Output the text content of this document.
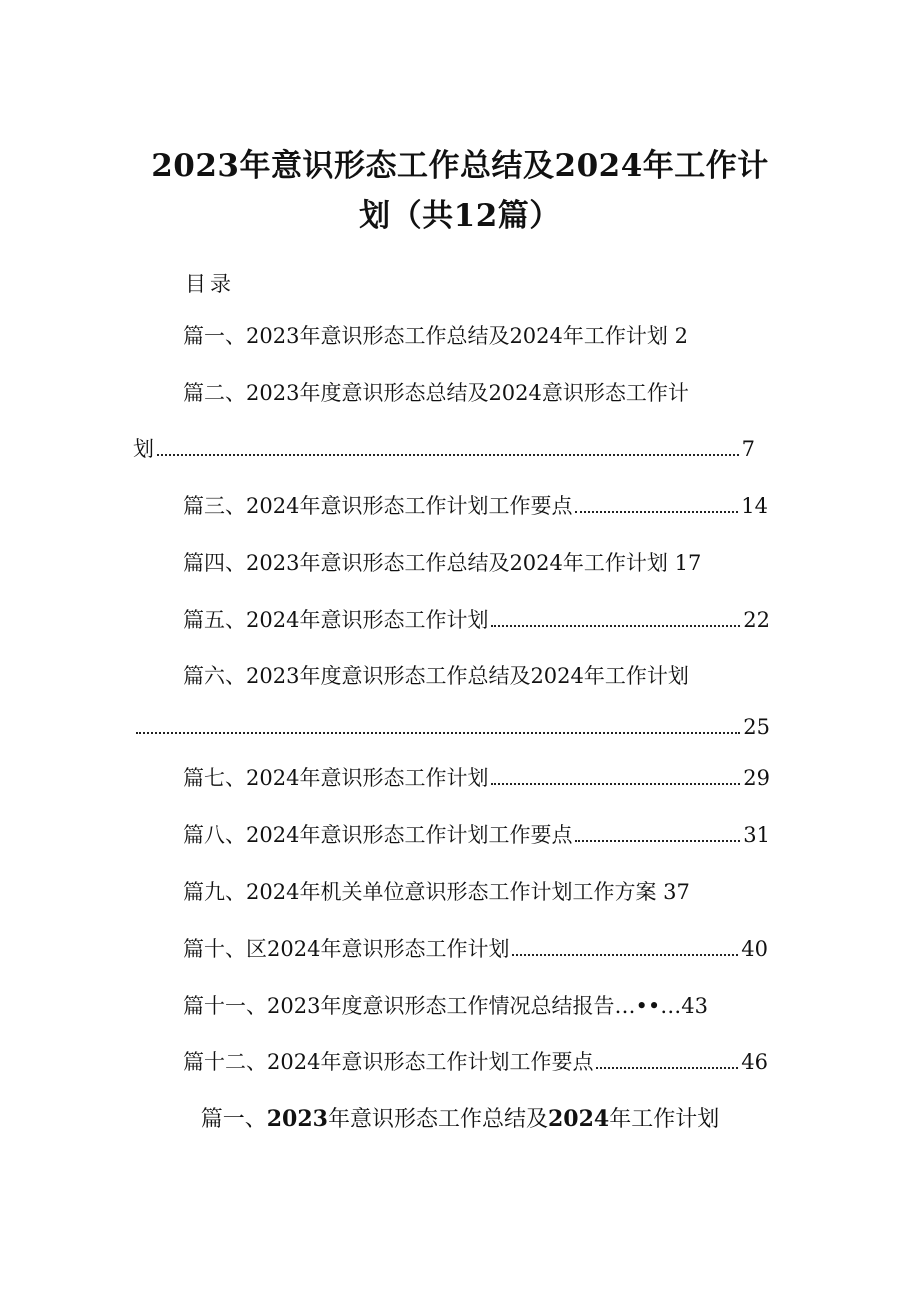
2023年意识形态工作总结及2024年工作计
划（共12篇）
目录
篇一、2023年意识形态工作总结及2024年工作计划 2
篇二、2023年度意识形态总结及2024意识形态工作计
划	7
篇三、2024年意识形态工作计划工作要点	14
篇四、2023年意识形态工作总结及2024年工作计划 17
篇五、2024年意识形态工作计划	22
篇六、2023年度意识形态工作总结及2024年工作计划
25
篇七、2024年意识形态工作计划	29
篇八、2024年意识形态工作计划工作要点	31
篇九、2024年机关单位意识形态工作计划工作方案 37
篇十、区2024年意识形态工作计划	40
篇十一、2023年度意识形态工作情况总结报告…••…43
篇十二、2024年意识形态工作计划工作要点	46
篇一、2023年意识形态工作总结及2024年工作计划
